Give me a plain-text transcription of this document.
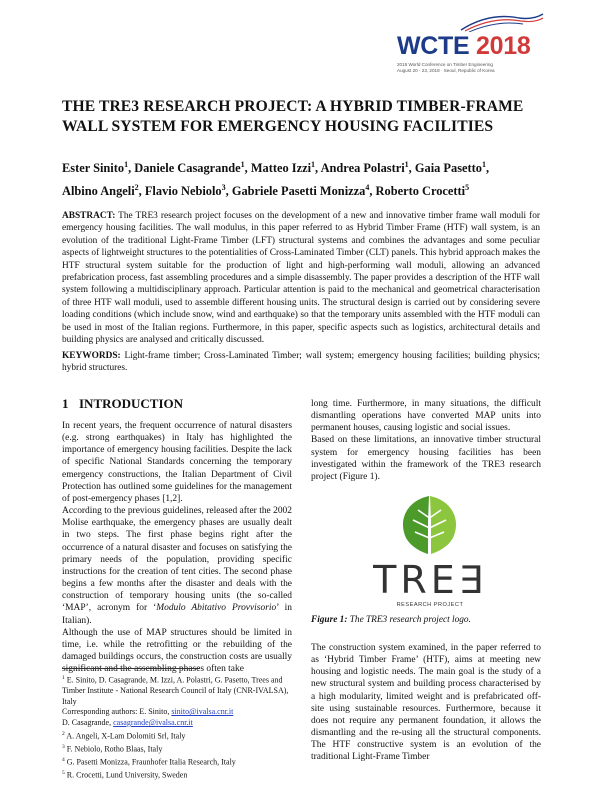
WCTE 2018
2018 World Conference on Timber Engineering
August 20 - 23, 2018 · Seoul, Republic of Korea
THE TRE3 RESEARCH PROJECT: A HYBRID TIMBER-FRAME WALL SYSTEM FOR EMERGENCY HOUSING FACILITIES
Ester Sinito$^1$, Daniele Casagrande$^1$, Matteo Izzi$^1$, Andrea Polastri$^1$, Gaia Pasetto$^1$,
Albino Angeli$^2$, Flavio Nebiolo$^3$, Gabriele Pasetti Monizza$^4$, Roberto Crocetti$^5$
ABSTRACT: The TRE3 research project focuses on the development of a new and innovative timber frame wall moduli for emergency housing facilities. The wall modulus, in this paper referred to as Hybrid Timber Frame (HTF) wall system, is an evolution of the traditional Light-Frame Timber (LFT) structural systems and combines the advantages and some peculiar aspects of lightweight structures to the potentialities of Cross-Laminated Timber (CLT) panels. This hybrid approach makes the HTF structural system suitable for the production of light and high-performing wall moduli, allowing an advanced prefabrication process, fast assembling procedures and a simple disassembly. The paper provides a description of the HTF wall system following a multidisciplinary approach. Particular attention is paid to the mechanical and geometrical characterisation of three HTF wall moduli, used to assemble different housing units. The structural design is carried out by considering severe loading conditions (which include snow, wind and earthquake) so that the temporary units assembled with the HTF moduli can be used in most of the Italian regions. Furthermore, in this paper, specific aspects such as logistics, architectural details and building physics are analysed and critically discussed.
KEYWORDS: Light-frame timber; Cross-Laminated Timber; wall system; emergency housing facilities; building physics; hybrid structures.
1 INTRODUCTION

In recent years, the frequent occurrence of natural disasters (e.g. strong earthquakes) in Italy has highlighted the importance of emergency housing facilities. Despite the lack of specific National Standards concerning the temporary emergency constructions, the Italian Department of Civil Protection has outlined some guidelines for the management of post-emergency phases [1,2].

According to the previous guidelines, released after the 2002 Molise earthquake, the emergency phases are usually dealt in two steps. The first phase begins right after the occurrence of a natural disaster and focuses on satisfying the primary needs of the population, providing specific instructions for the creation of tent cities. The second phase begins a few months after the disaster and deals with the construction of temporary housing units (the so-called ‘MAP’, acronym for ‘Modulo Abitativo Provvisorio’ in Italian).

Although the use of MAP structures should be limited in time, i.e. while the retrofitting or the rebuilding of the damaged buildings occurs, the construction costs are usually significant and the assembling phases often take

$^1$ E. Sinito, D. Casagrande, M. Izzi, A. Polastri, G. Pasetto, Trees and Timber Institute - National Research Council of Italy (CNR-IVALSA), Italy

Corresponding authors: E. Sinito, sinito@ivalsa.cnr.it

D. Casagrande, casagrande@ivalsa.cnr.it

$^2$ A. Angeli, X-Lam Dolomiti Srl, Italy

$^3$ F. Nebiolo, Rotho Blaas, Italy

$^4$ G. Pasetti Monizza, Fraunhofer Italia Research, Italy

$^5$ R. Crocetti, Lund University, Sweden

long time. Furthermore, in many situations, the difficult dismantling operations have converted MAP units into permanent houses, causing logistic and social issues.

Based on these limitations, an innovative timber structural system for emergency housing facilities has been investigated within the framework of the TRE3 research project (Figure 1).

TRE∃
RESEARCH PROJECT
Figure 1: The TRE3 research project logo.

The construction system examined, in the paper referred to as ‘Hybrid Timber Frame’ (HTF), aims at meeting new housing and logistic needs. The main goal is the study of a new structural system and building process characterised by a high modularity, limited weight and is prefabricated off-site using sustainable resources. Furthermore, because it does not require any permanent foundation, it allows the dismantling and the re-using all the structural components. The HTF constructive system is an evolution of the traditional Light-Frame Timber
